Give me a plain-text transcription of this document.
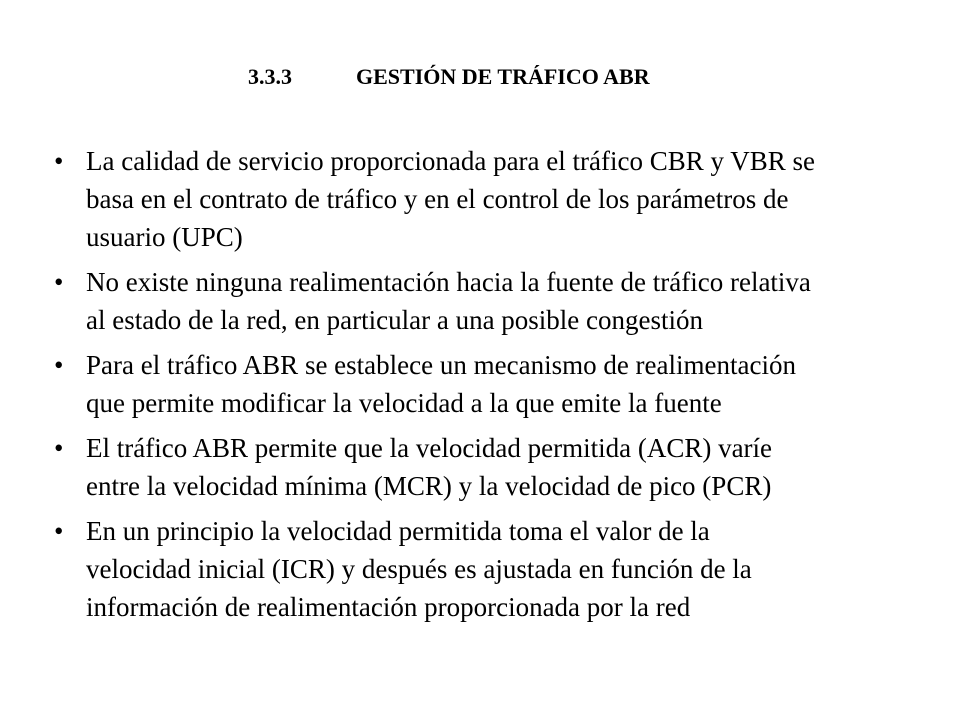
3.3.3	GESTIÓN DE TRÁFICO ABR
• La calidad de servicio proporcionada para el tráfico CBR y VBR se
basa en el contrato de tráfico y en el control de los parámetros de
usuario (UPC)
• No existe ninguna realimentación hacia la fuente de tráfico relativa
al estado de la red, en particular a una posible congestión
• Para el tráfico ABR se establece un mecanismo de realimentación
que permite modificar la velocidad a la que emite la fuente
• El tráfico ABR permite que la velocidad permitida (ACR) varíe
entre la velocidad mínima (MCR) y la velocidad de pico (PCR)
• En un principio la velocidad permitida toma el valor de la
velocidad inicial (ICR) y después es ajustada en función de la
información de realimentación proporcionada por la red
